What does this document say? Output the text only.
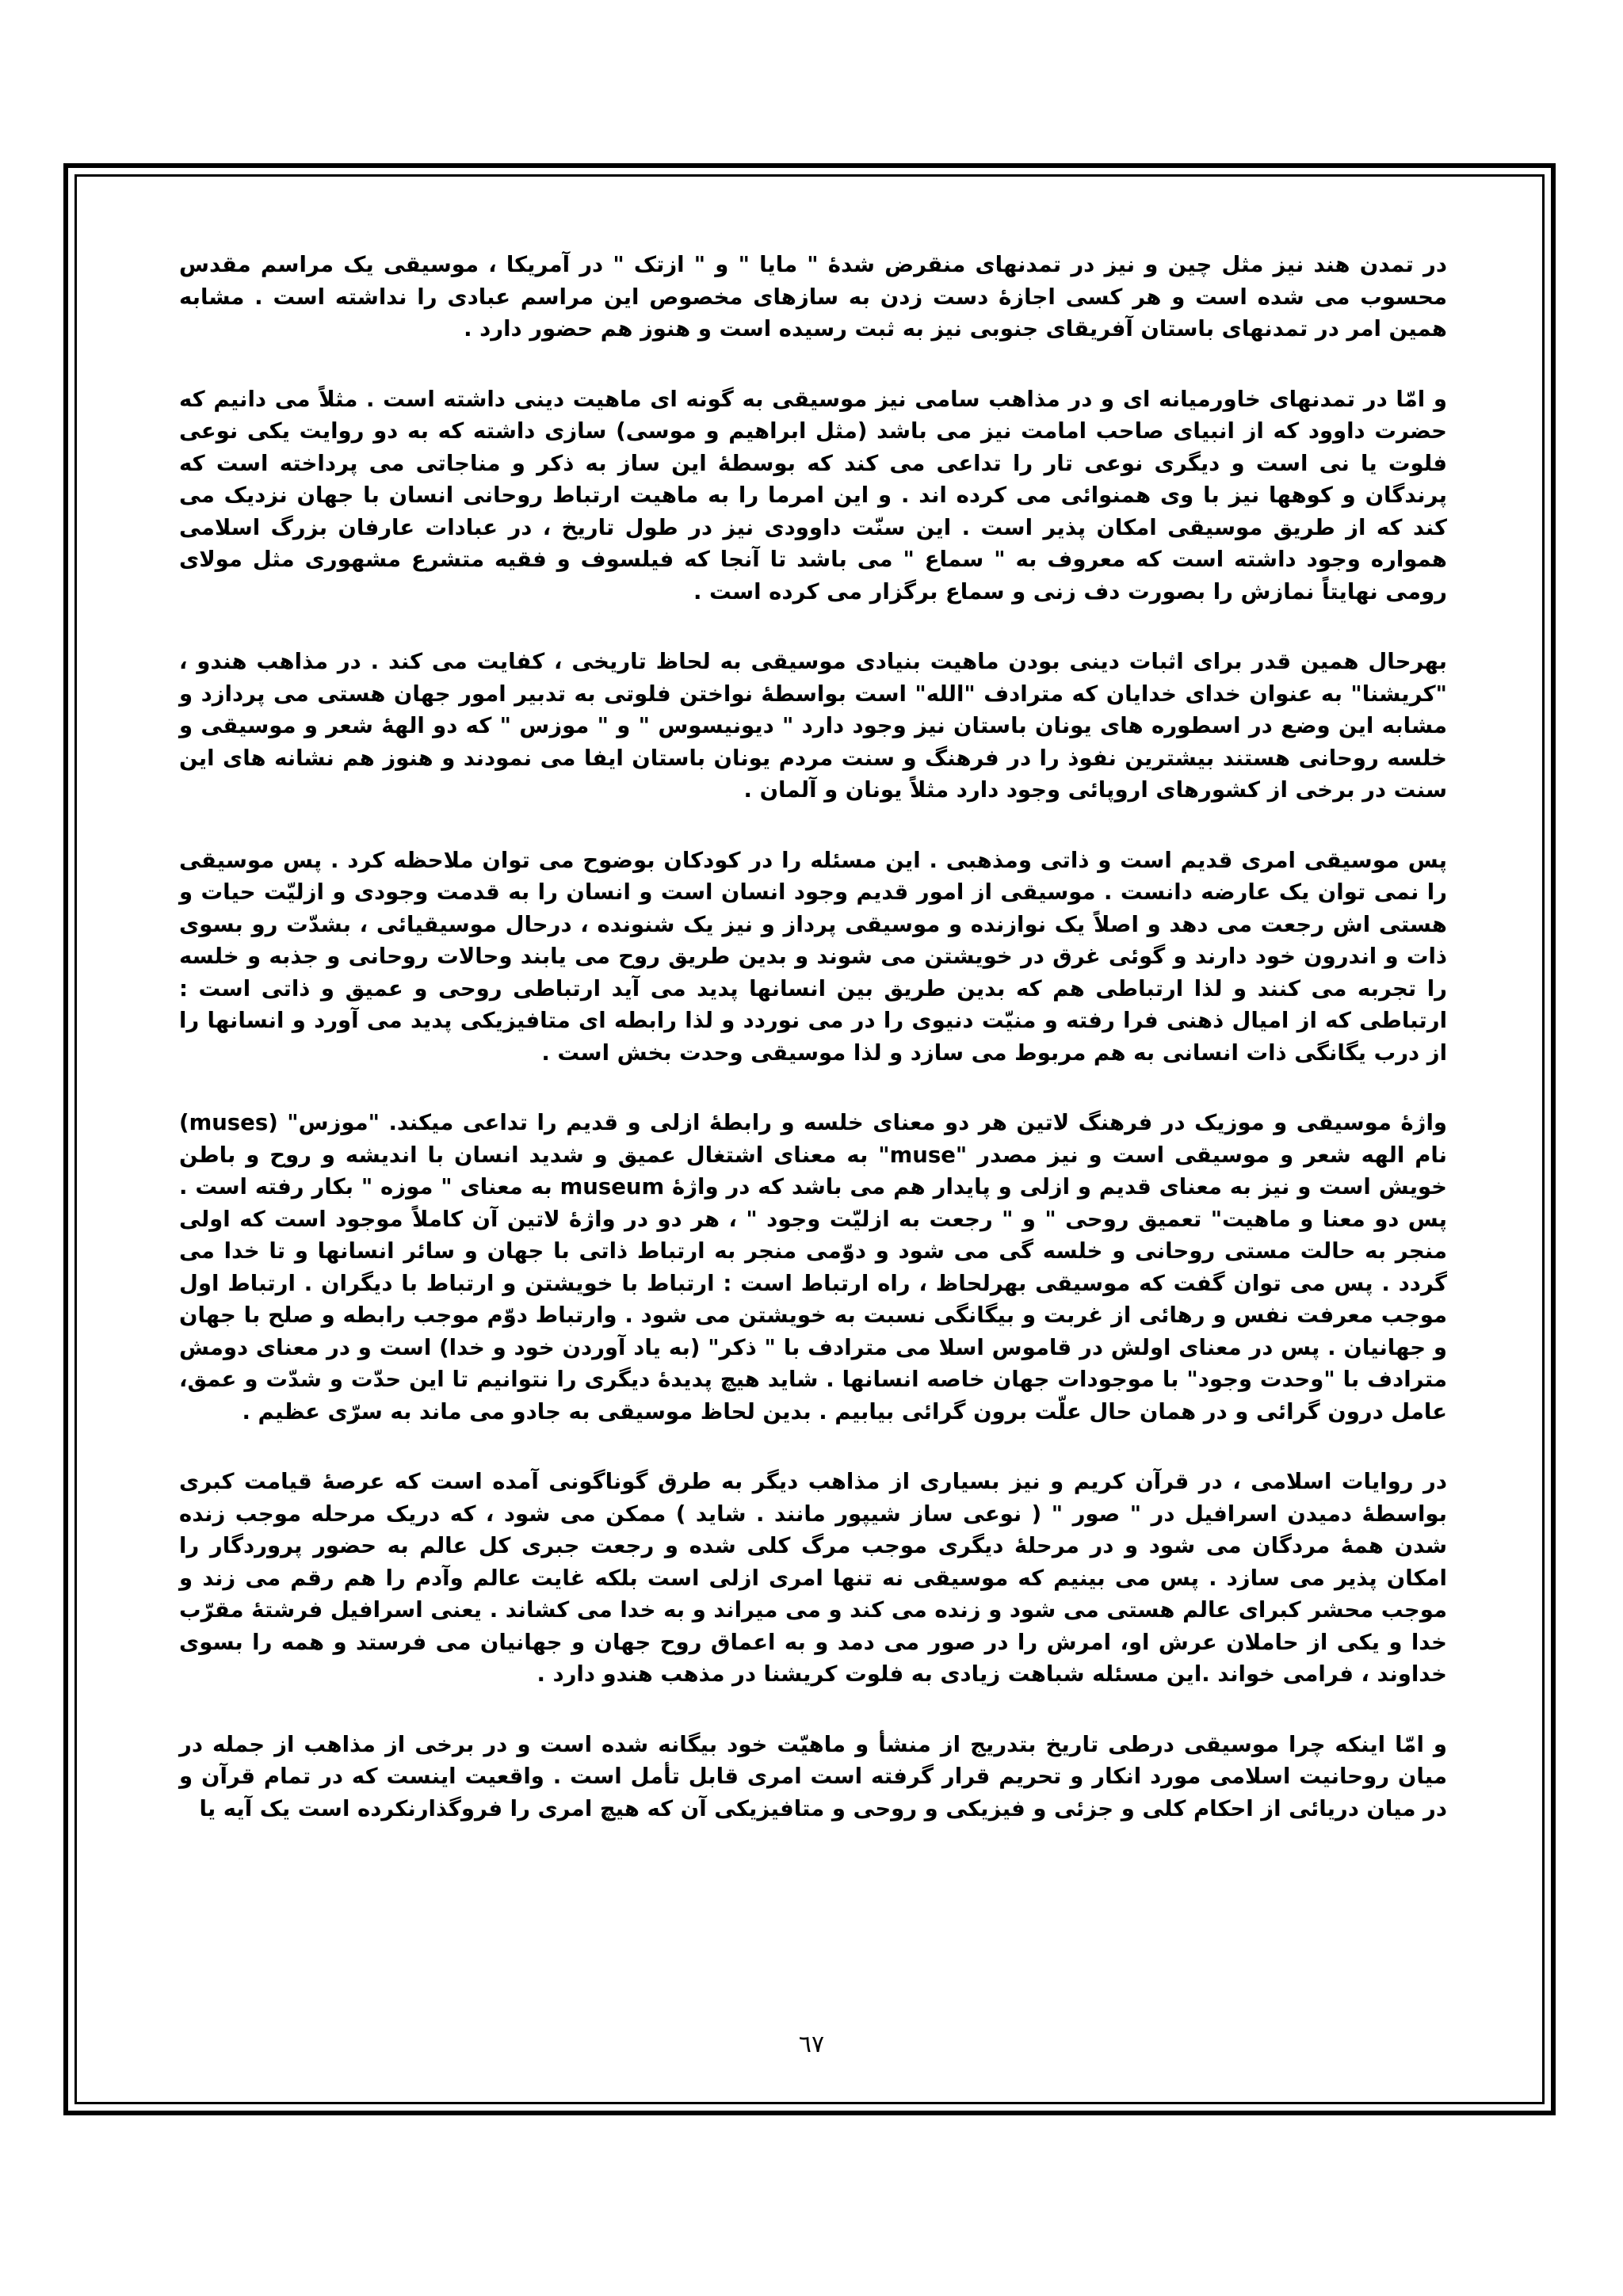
در تمدن هند نیز مثل چین و نیز در تمدنهای منقرض شدۀ " مایا " و " ازتک " در آمریکا ، موسیقی یک مراسم مقدس محسوب می شده است و هر کسی اجازۀ دست زدن به سازهای مخصوص این مراسم عبادی را نداشته است . مشابه همین امر در تمدنهای باستان آفریقای جنوبی نیز به ثبت رسیده است و هنوز هم حضور دارد .

و امّا در تمدنهای خاورمیانه ای و در مذاهب سامی نیز موسیقی به گونه ای ماهیت دینی داشته است . مثلاً می دانیم که حضرت داوود که از انبیای صاحب امامت نیز می باشد (مثل ابراهیم و موسی) سازی داشته که به دو روایت یکی نوعی فلوت یا نی است و دیگری نوعی تار را تداعی می کند که بوسطۀ این ساز به ذکر و مناجاتی می پرداخته است که پرندگان و کوهها نیز با وی همنوائی می کرده اند . و این امرما را به ماهیت ارتباط روحانی انسان با جهان نزدیک می کند که از طریق موسیقی امکان پذیر است . این سنّت داوودی نیز در طول تاریخ ، در عبادات عارفان بزرگ اسلامی همواره وجود داشته است که معروف به " سماع " می باشد تا آنجا که فیلسوف و فقیه متشرع مشهوری مثل مولای رومی نهایتاً نمازش را بصورت دف زنی و سماع برگزار می کرده است .

بهرحال همین قدر برای اثبات دینی بودن ماهیت بنیادی موسیقی به لحاظ تاریخی ، کفایت می کند . در مذاهب هندو ، "کریشنا" به عنوان خدای خدایان که مترادف "الله" است بواسطۀ نواختن فلوتی به تدبیر امور جهان هستی می پردازد و مشابه این وضع در اسطوره های یونان باستان نیز وجود دارد " دیونیسوس " و " موزس " که دو الهۀ شعر و موسیقی و خلسه روحانی هستند بیشترین نفوذ را در فرهنگ و سنت مردم یونان باستان ایفا می نمودند و هنوز هم نشانه های این سنت در برخی از کشورهای اروپائی وجود دارد مثلاً یونان و آلمان .

پس موسیقی امری قدیم است و ذاتی ومذهبی . این مسئله را در کودکان بوضوح می توان ملاحظه کرد . پس موسیقی را نمی توان یک عارضه دانست . موسیقی از امور قدیم وجود انسان است و انسان را به قدمت وجودی و ازلیّت حیات و هستی اش رجعت می دهد و اصلاً یک نوازنده و موسیقی پرداز و نیز یک شنونده ، درحال موسیقیائی ، بشدّت رو بسوی ذات و اندرون خود دارند و گوئی غرق در خویشتن می شوند و بدین طریق روح می یابند وحالات روحانی و جذبه و خلسه را تجربه می کنند و لذا ارتباطی هم که بدین طریق بین انسانها پدید می آید ارتباطی روحی و عمیق و ذاتی است : ارتباطی که از امیال ذهنی فرا رفته و منیّت دنیوی را در می نوردد و لذا رابطه ای متافیزیکی پدید می آورد و انسانها را از درب یگانگی ذات انسانی به هم مربوط می سازد و لذا موسیقی وحدت بخش است .

واژۀ موسیقی و موزیک در فرهنگ لاتین هر دو معنای خلسه و رابطۀ ازلی و قدیم را تداعی میکند. "موزس" (muses) نام الهه شعر و موسیقی است و نیز مصدر "muse" به معنای اشتغال عمیق و شدید انسان با اندیشه و روح و باطن خویش است و نیز به معنای قدیم و ازلی و پایدار هم می باشد که در واژۀ museum به معنای " موزه " بکار رفته است . پس دو معنا و ماهیت" تعمیق روحی " و " رجعت به ازلیّت وجود " ، هر دو در واژۀ لاتین آن کاملاً موجود است که اولی منجر به حالت مستی روحانی و خلسه گی می شود و دوّمی منجر به ارتباط ذاتی با جهان و سائر انسانها و تا خدا می گردد . پس می توان گفت که موسیقی بهرلحاظ ، راه ارتباط است : ارتباط با خویشتن و ارتباط با دیگران . ارتباط اول موجب معرفت نفس و رهائی از غربت و بیگانگی نسبت به خویشتن می شود . وارتباط دوّم موجب رابطه و صلح با جهان و جهانیان . پس در معنای اولش در قاموس اسلا می مترادف با " ذکر" (به یاد آوردن خود و خدا) است و در معنای دومش مترادف با "وحدت وجود" با موجودات جهان خاصه انسانها . شاید هیچ پدیدۀ دیگری را نتوانیم تا این حدّت و شدّت و عمق، عامل درون گرائی و در همان حال علّت برون گرائی بیابیم . بدین لحاظ موسیقی به جادو می ماند به سرّی عظیم .

در روایات اسلامی ، در قرآن کریم و نیز بسیاری از مذاهب دیگر به طرق گوناگونی آمده است که عرصۀ قیامت کبری بواسطۀ دمیدن اسرافیل در " صور " ( نوعی ساز شیپور مانند . شاید ) ممکن می شود ، که دریک مرحله موجب زنده شدن همۀ مردگان می شود و در مرحلۀ دیگری موجب مرگ کلی شده و رجعت جبری کل عالم به حضور پروردگار را امکان پذیر می سازد . پس می بینیم که موسیقی نه تنها امری ازلی است بلکه غایت عالم وآدم را هم رقم می زند و موجب محشر کبرای عالم هستی می شود و زنده می کند و می میراند و به خدا می کشاند . یعنی اسرافیل فرشتۀ مقرّب خدا و یکی از حاملان عرش او، امرش را در صور می دمد و به اعماق روح جهان و جهانیان می فرستد و همه را بسوی خداوند ، فرامی خواند .این مسئله شباهت زیادی به فلوت کریشنا در مذهب هندو دارد .

و امّا اینکه چرا موسیقی درطی تاریخ بتدریج از منشأ و ماهیّت خود بیگانه شده است و در برخی از مذاهب از جمله در میان روحانیت اسلامی مورد انکار و تحریم قرار گرفته است امری قابل تأمل است . واقعیت اینست که در تمام قرآن و در میان دریائی از احکام کلی و جزئی و فیزیکی و روحی و متافیزیکی آن که هیچ امری را فروگذارنکرده است یک آیه یا

٦٧
